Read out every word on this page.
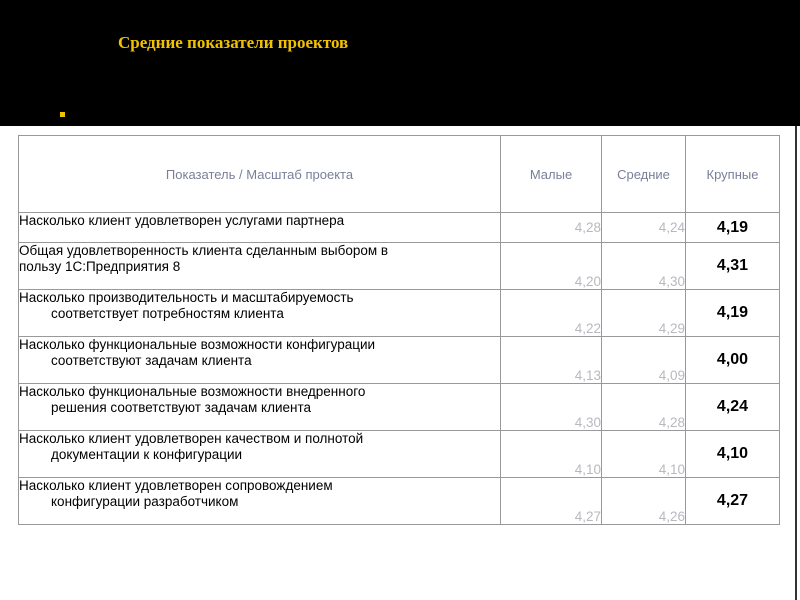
Средние показатели проектов
Показатель / Масштаб проекта	Малые	Средние	Крупные

Насколько клиент удовлетворен услугами партнера	4,28	4,24	4,19

Общая удовлетворенность клиента сделанным выбором в
пользу 1С:Предприятия 8	4,20	4,30	4,31

Насколько производительность и масштабируемость
соответствует потребностям клиента	4,22	4,29	4,19

Насколько функциональные возможности конфигурации
соответствуют задачам клиента	4,13	4,09	4,00

Насколько функциональные возможности внедренного
решения соответствуют задачам клиента	4,30	4,28	4,24

Насколько клиент удовлетворен качеством и полнотой
документации к конфигурации	4,10	4,10	4,10

Насколько клиент удовлетворен сопровождением
конфигурации разработчиком	4,27	4,26	4,27
